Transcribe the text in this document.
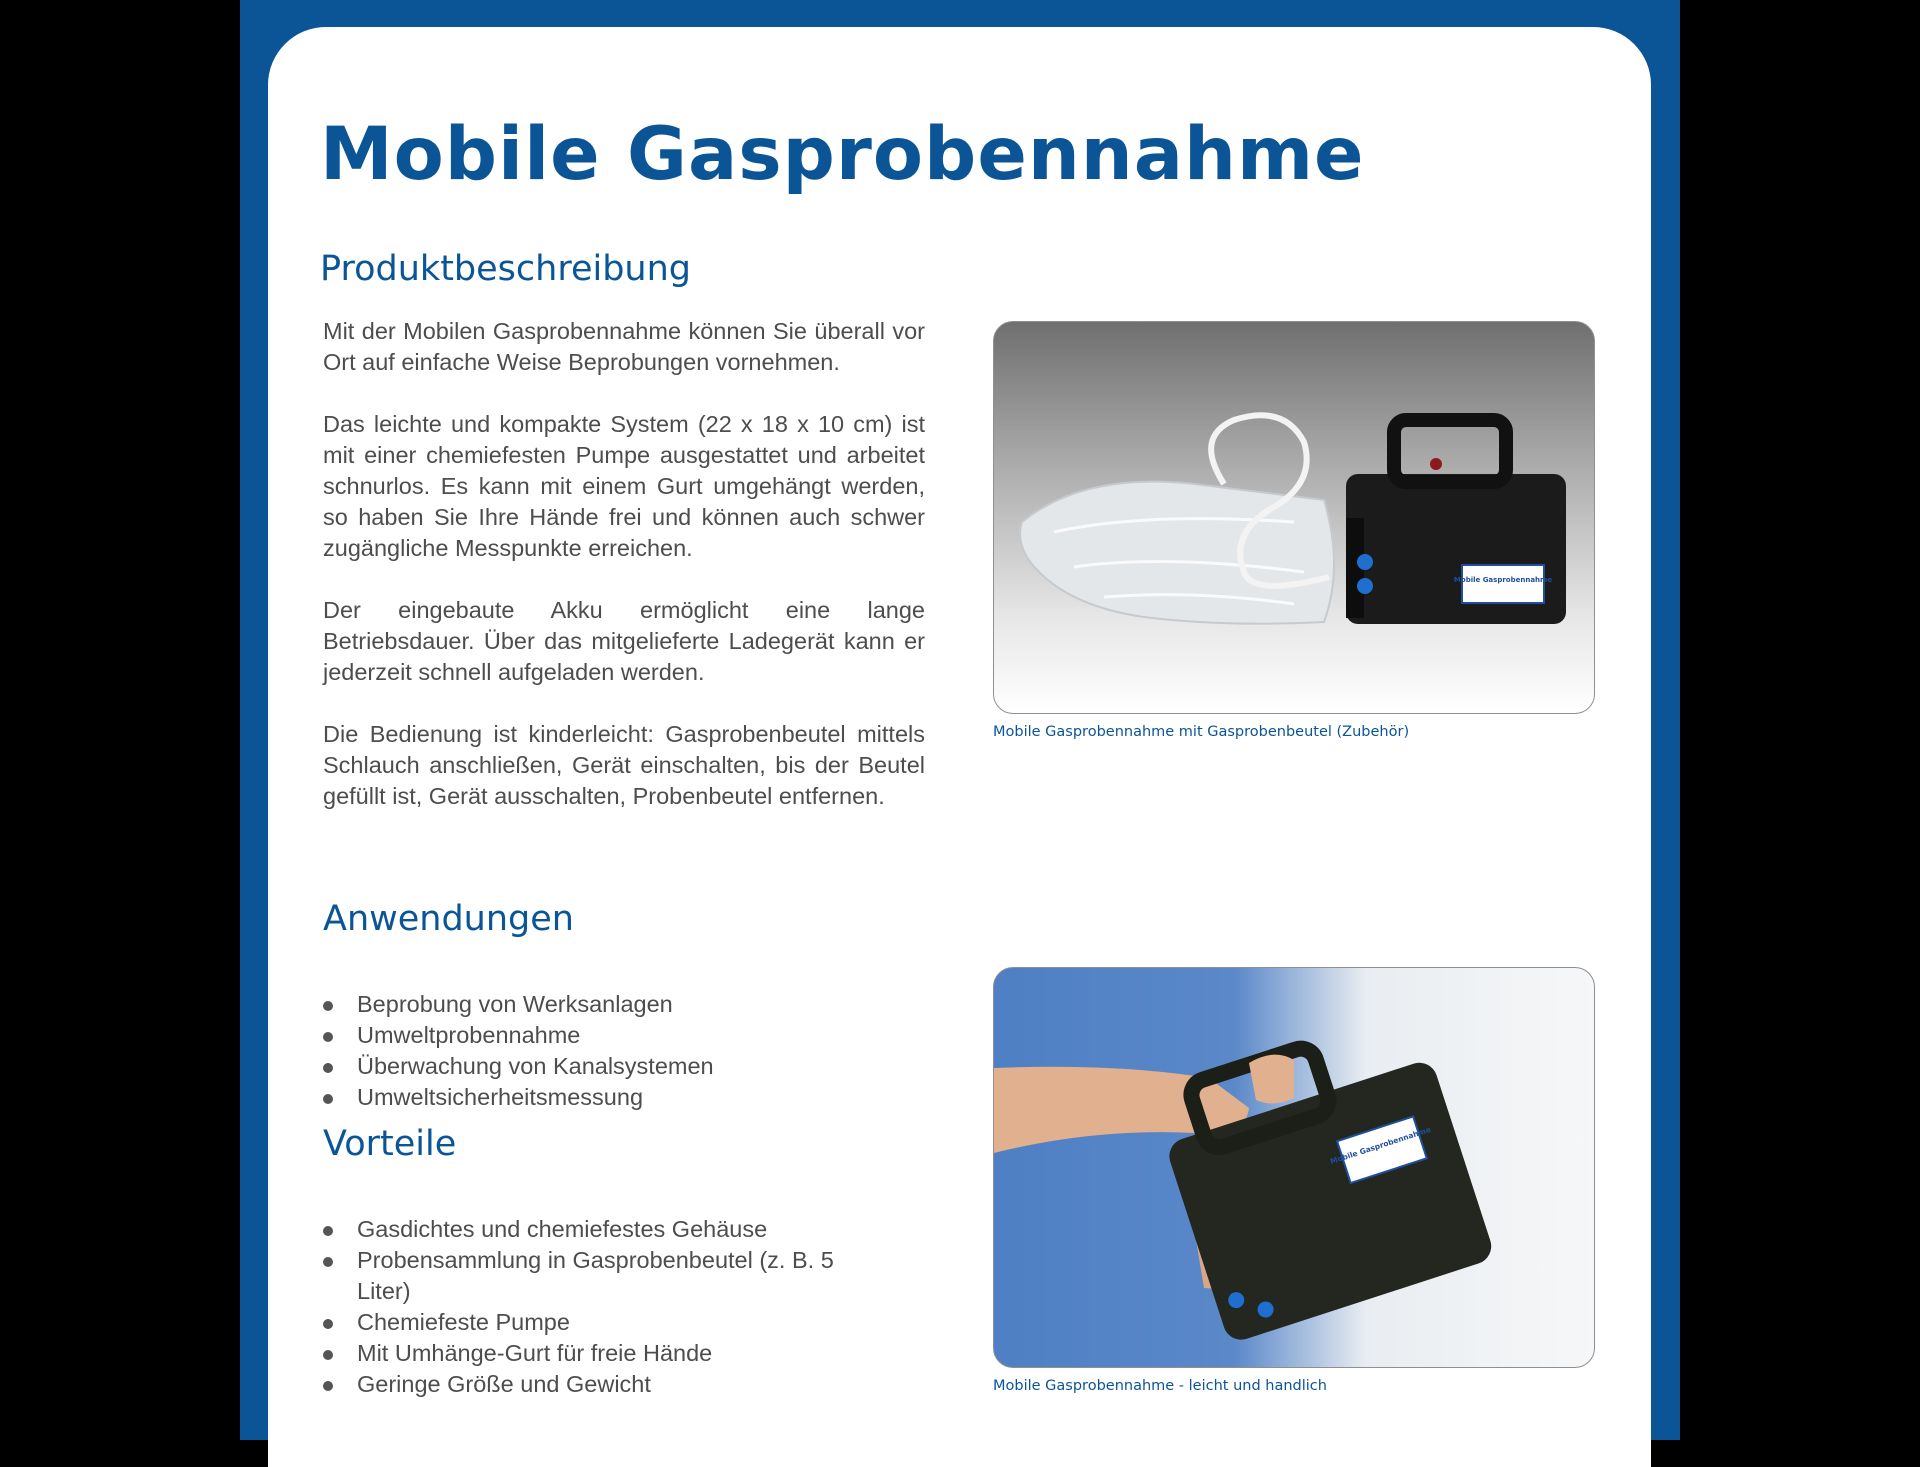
Mobile Gasprobennahme
Produktbeschreibung

Mit der Mobilen Gasprobennahme können Sie überall vor Ort auf einfache Weise Beprobungen vornehmen.

Das leichte und kompakte System (22 x 18 x 10 cm) ist mit einer chemiefesten Pumpe ausgestattet und arbeitet schnurlos. Es kann mit einem Gurt umgehängt werden, so haben Sie Ihre Hände frei und können auch schwer zugängliche Messpunkte erreichen.

Der eingebaute Akku ermöglicht eine lange Betriebsdauer. Über das mitgelieferte Ladegerät kann er jederzeit schnell aufgeladen werden.

Die Bedienung ist kinderleicht: Gasprobenbeutel mittels Schlauch anschließen, Gerät einschalten, bis der Beutel gefüllt ist, Gerät ausschalten, Probenbeutel entfernen.

Anwendungen
Beprobung von Werksanlagen
Umweltprobennahme
Überwachung von Kanalsystemen
Umweltsicherheitsmessung
Vorteile
Gasdichtes und chemiefestes Gehäuse
Probensammlung in Gasprobenbeutel (z. B. 5 Liter)
Chemiefeste Pumpe
Mit Umhänge-Gurt für freie Hände
Geringe Größe und Gewicht
Mobile Gasprobennahme

Mobile Gasprobennahme mit Gasprobenbeutel (Zubehör)

Mobile Gasprobennahme

Mobile Gasprobennahme - leicht und handlich
